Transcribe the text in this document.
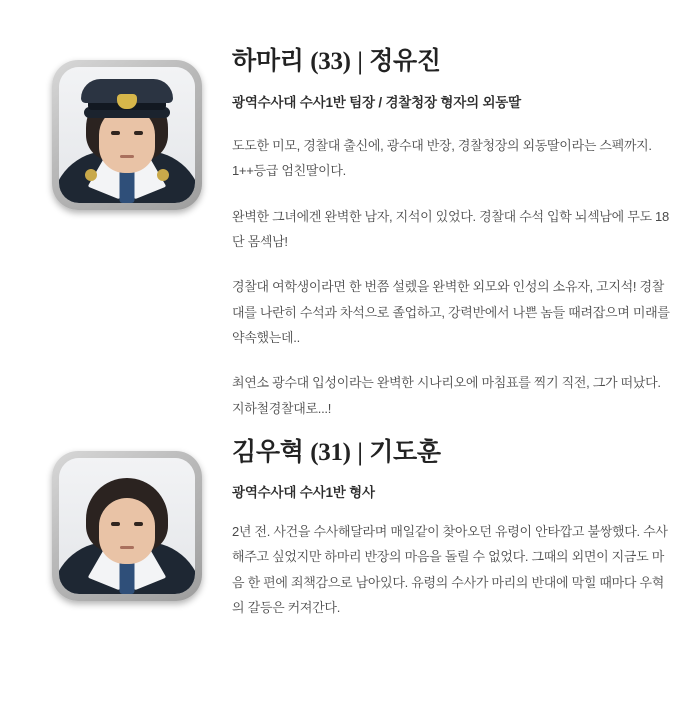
하마리 (33) | 정유진

광역수사대 수사1반 팀장 / 경찰청장 형자의 외동딸

도도한 미모, 경찰대 출신에, 광수대 반장, 경찰청장의 외동딸이라는 스펙까지. 1++등급 엄친딸이다.

완벽한 그녀에겐 완벽한 남자, 지석이 있었다. 경찰대 수석 입학 뇌섹남에 무도 18단 몸섹남!

경찰대 여학생이라면 한 번쯤 설렜을 완벽한 외모와 인성의 소유자, 고지석! 경찰대를 나란히 수석과 차석으로 졸업하고, 강력반에서 나쁜 놈들 때려잡으며 미래를 약속했는데..

최연소 광수대 입성이라는 완벽한 시나리오에 마침표를 찍기 직전, 그가 떠났다. 지하철경찰대로...!

김우혁 (31) | 기도훈

광역수사대 수사1반 형사

2년 전. 사건을 수사해달라며 매일같이 찾아오던 유령이 안타깝고 불쌍했다. 수사해주고 싶었지만 하마리 반장의 마음을 돌릴 수 없었다. 그때의 외면이 지금도 마음 한 편에 죄책감으로 남아있다. 유령의 수사가 마리의 반대에 막힐 때마다 우혁의 갈등은 커져간다.
